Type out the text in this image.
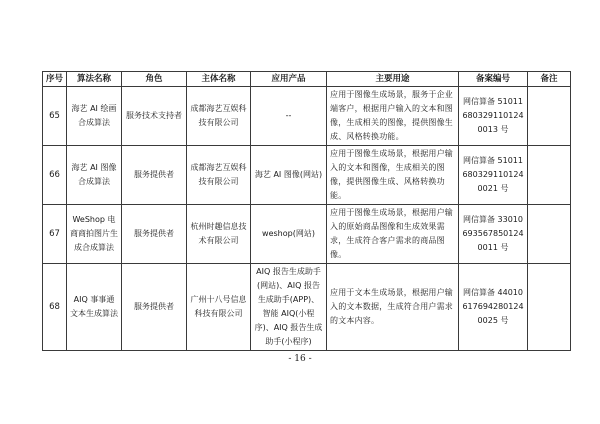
序号	算法名称	角色	主体名称	应用产品	主要用途	备案编号	备注
65	海艺 AI 绘画合成算法	服务技术支持者	成都海艺互娱科技有限公司	--	应用于图像生成场景，服务于企业端客户，根据用户输入的文本和图像，生成相关的图像，提供图像生成、风格转换功能。	网信算备 510116803291101240013 号	
66	海艺 AI 图像合成算法	服务提供者	成都海艺互娱科技有限公司	海艺 AI 图像(网站)	应用于图像生成场景，根据用户输入的文本和图像，生成相关的图像，提供图像生成、风格转换功能。	网信算备 510116803291101240021 号	
67	WeShop 电商商拍图片生成合成算法	服务提供者	杭州时趣信息技术有限公司	weshop(网站)	应用于图像生成场景，根据用户输入的原始商品图像和生成效果需求，生成符合客户需求的商品图像。	网信算备 330106935678501240011 号	
68	AIQ 事事通文本生成算法	服务提供者	广州十八号信息科技有限公司	AIQ 报告生成助手(网站)、AIQ 报告生成助手(APP)、智能 AIQ(小程序)、AIQ 报告生成助手(小程序)	应用于文本生成场景，根据用户输入的文本数据，生成符合用户需求的文本内容。	网信算备 440106176942801240025 号	
- 16 -
